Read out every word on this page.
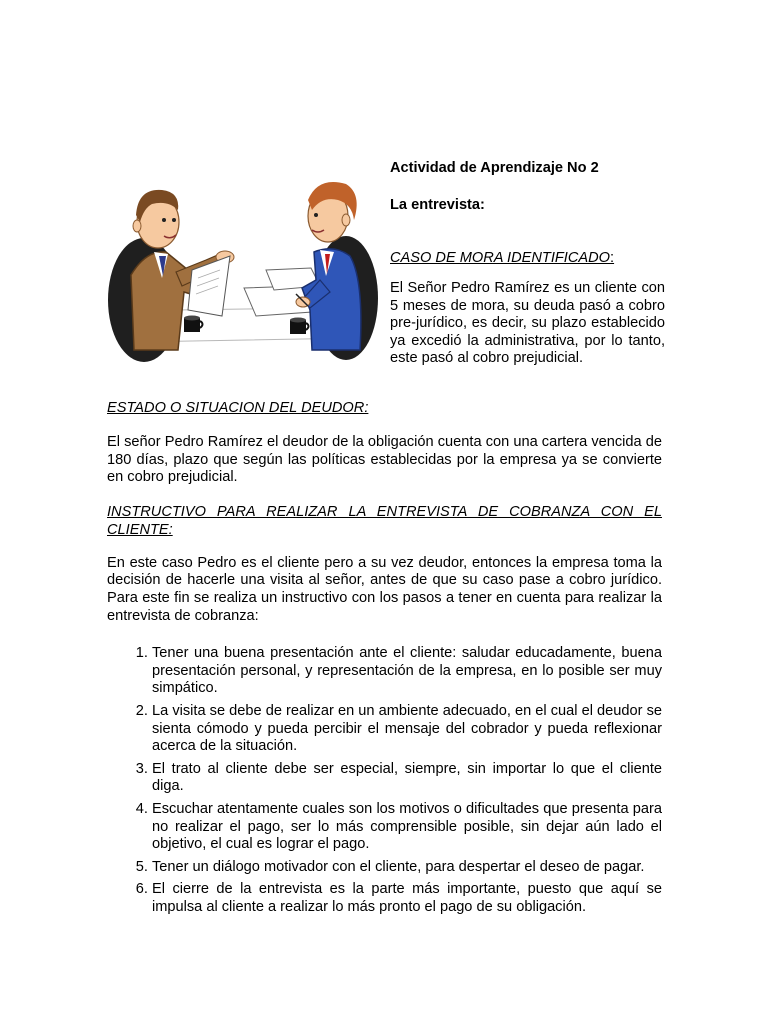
Actividad de Aprendizaje No 2

La entrevista:

CASO DE MORA IDENTIFICADO:

El Señor Pedro Ramírez es un cliente con 5 meses de mora, su deuda pasó a cobro pre-jurídico, es decir, su plazo establecido ya excedió la administrativa, por lo tanto, este pasó al cobro prejudicial.

ESTADO O SITUACION DEL DEUDOR:

El señor Pedro Ramírez el deudor de la obligación cuenta con una cartera vencida de 180 días, plazo que según las políticas establecidas por la empresa ya se convierte en cobro prejudicial.

INSTRUCTIVO PARA REALIZAR LA ENTREVISTA DE COBRANZA CON EL CLIENTE:

En este caso Pedro es el cliente pero a su vez deudor, entonces la empresa toma la decisión de hacerle una visita al señor, antes de que su caso pase a cobro jurídico. Para este fin se realiza un instructivo con los pasos a tener en cuenta para realizar la entrevista de cobranza:

1. Tener una buena presentación ante el cliente: saludar educadamente, buena presentación personal, y representación de la empresa, en lo posible ser muy simpático.
2. La visita se debe de realizar en un ambiente adecuado, en el cual el deudor se sienta cómodo y pueda percibir el mensaje del cobrador y pueda reflexionar acerca de la situación.
3. El trato al cliente debe ser especial, siempre, sin importar lo que el cliente diga.
4. Escuchar atentamente cuales son los motivos o dificultades que presenta para no realizar el pago, ser lo más comprensible posible, sin dejar aún lado el objetivo, el cual es lograr el pago.
5. Tener un diálogo motivador con el cliente, para despertar el deseo de pagar.
6. El cierre de la entrevista es la parte más importante, puesto que aquí se impulsa al cliente a realizar lo más pronto el pago de su obligación.
